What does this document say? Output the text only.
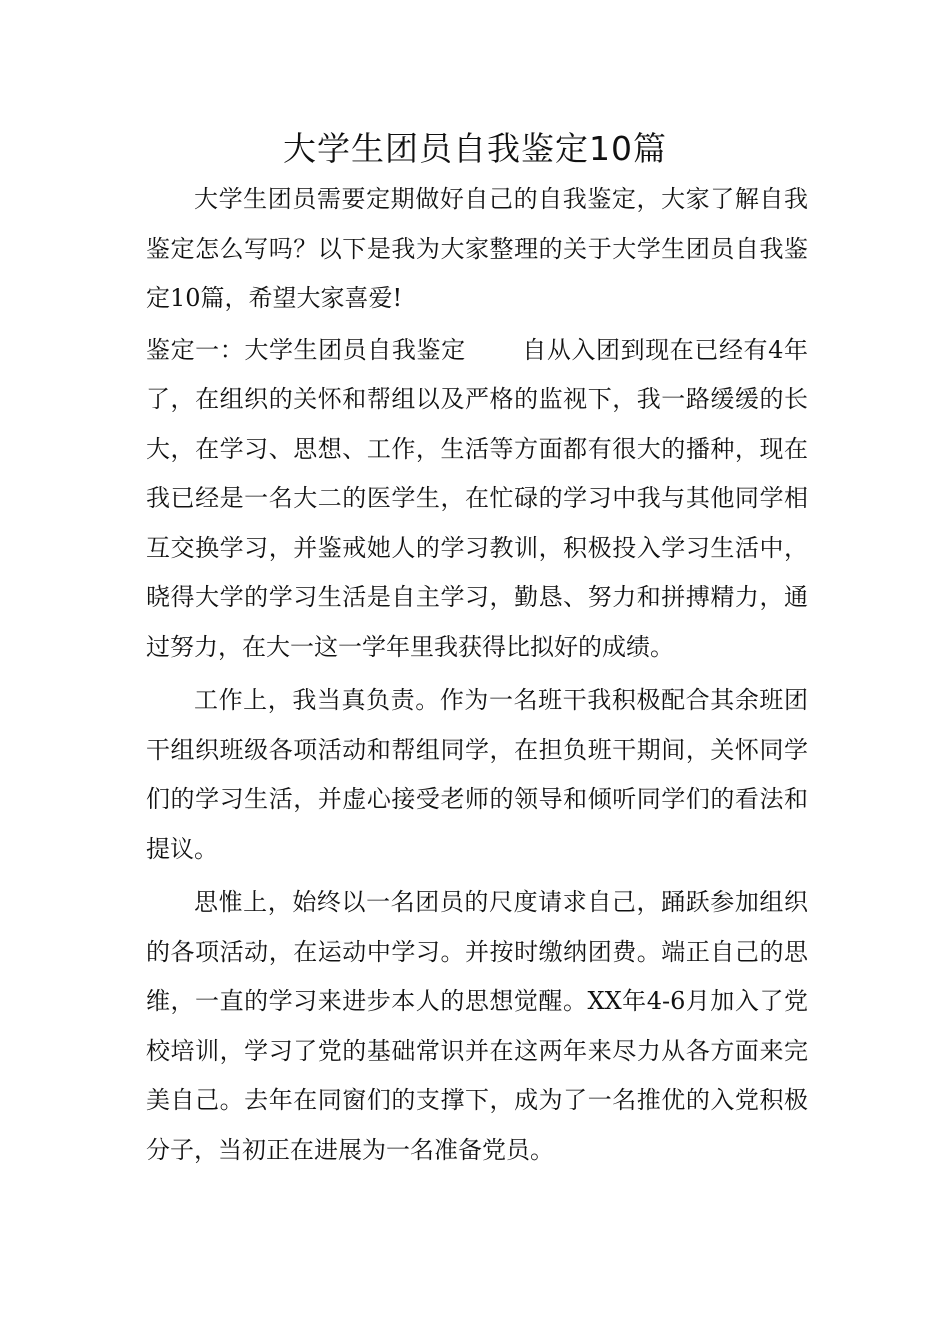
大学生团员自我鉴定10篇

大学生团员需要定期做好自己的自我鉴定，大家了解自我鉴定怎么写吗？以下是我为大家整理的关于大学生团员自我鉴定10篇，希望大家喜爱!

鉴定一：大学生团员自我鉴定 自从入团到现在已经有4年了，在组织的关怀和帮组以及严格的监视下，我一路缓缓的长大，在学习、思想、工作，生活等方面都有很大的播种，现在我已经是一名大二的医学生，在忙碌的学习中我与其他同学相互交换学习，并鉴戒她人的学习教训，积极投入学习生活中，晓得大学的学习生活是自主学习，勤恳、努力和拼搏精力，通过努力，在大一这一学年里我获得比拟好的成绩。

工作上，我当真负责。作为一名班干我积极配合其余班团干组织班级各项活动和帮组同学，在担负班干期间，关怀同学们的学习生活，并虚心接受老师的领导和倾听同学们的看法和提议。

思惟上，始终以一名团员的尺度请求自己，踊跃参加组织的各项活动，在运动中学习。并按时缴纳团费。端正自己的思维，一直的学习来进步本人的思想觉醒。XX年4-6月加入了党校培训，学习了党的基础常识并在这两年来尽力从各方面来完美自己。去年在同窗们的支撑下，成为了一名推优的入党积极分子，当初正在进展为一名准备党员。
